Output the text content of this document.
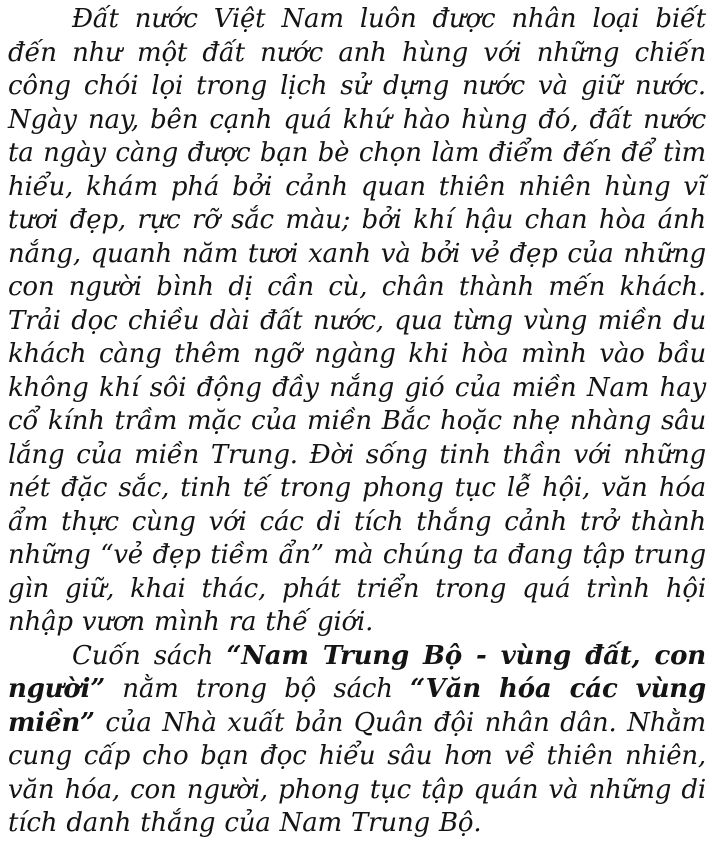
Đất nước Việt Nam luôn được nhân loại biết đến như một đất nước anh hùng với những chiến công chói lọi trong lịch sử dựng nước và giữ nước. Ngày nay, bên cạnh quá khứ hào hùng đó, đất nước ta ngày càng được bạn bè chọn làm điểm đến để tìm hiểu, khám phá bởi cảnh quan thiên nhiên hùng vĩ tươi đẹp, rực rỡ sắc màu; bởi khí hậu chan hòa ánh nắng, quanh năm tươi xanh và bởi vẻ đẹp của những con người bình dị cần cù, chân thành mến khách. Trải dọc chiều dài đất nước, qua từng vùng miền du khách càng thêm ngỡ ngàng khi hòa mình vào bầu không khí sôi động đầy nắng gió của miền Nam hay cổ kính trầm mặc của miền Bắc hoặc nhẹ nhàng sâu lắng của miền Trung. Đời sống tinh thần với những nét đặc sắc, tinh tế trong phong tục lễ hội, văn hóa ẩm thực cùng với các di tích thắng cảnh trở thành những “vẻ đẹp tiềm ẩn” mà chúng ta đang tập trung gìn giữ, khai thác, phát triển trong quá trình hội nhập vươn mình ra thế giới.

Cuốn sách “Nam Trung Bộ - vùng đất, con người” nằm trong bộ sách “Văn hóa các vùng miền” của Nhà xuất bản Quân đội nhân dân. Nhằm cung cấp cho bạn đọc hiểu sâu hơn về thiên nhiên, văn hóa, con người, phong tục tập quán và những di tích danh thắng của Nam Trung Bộ.
